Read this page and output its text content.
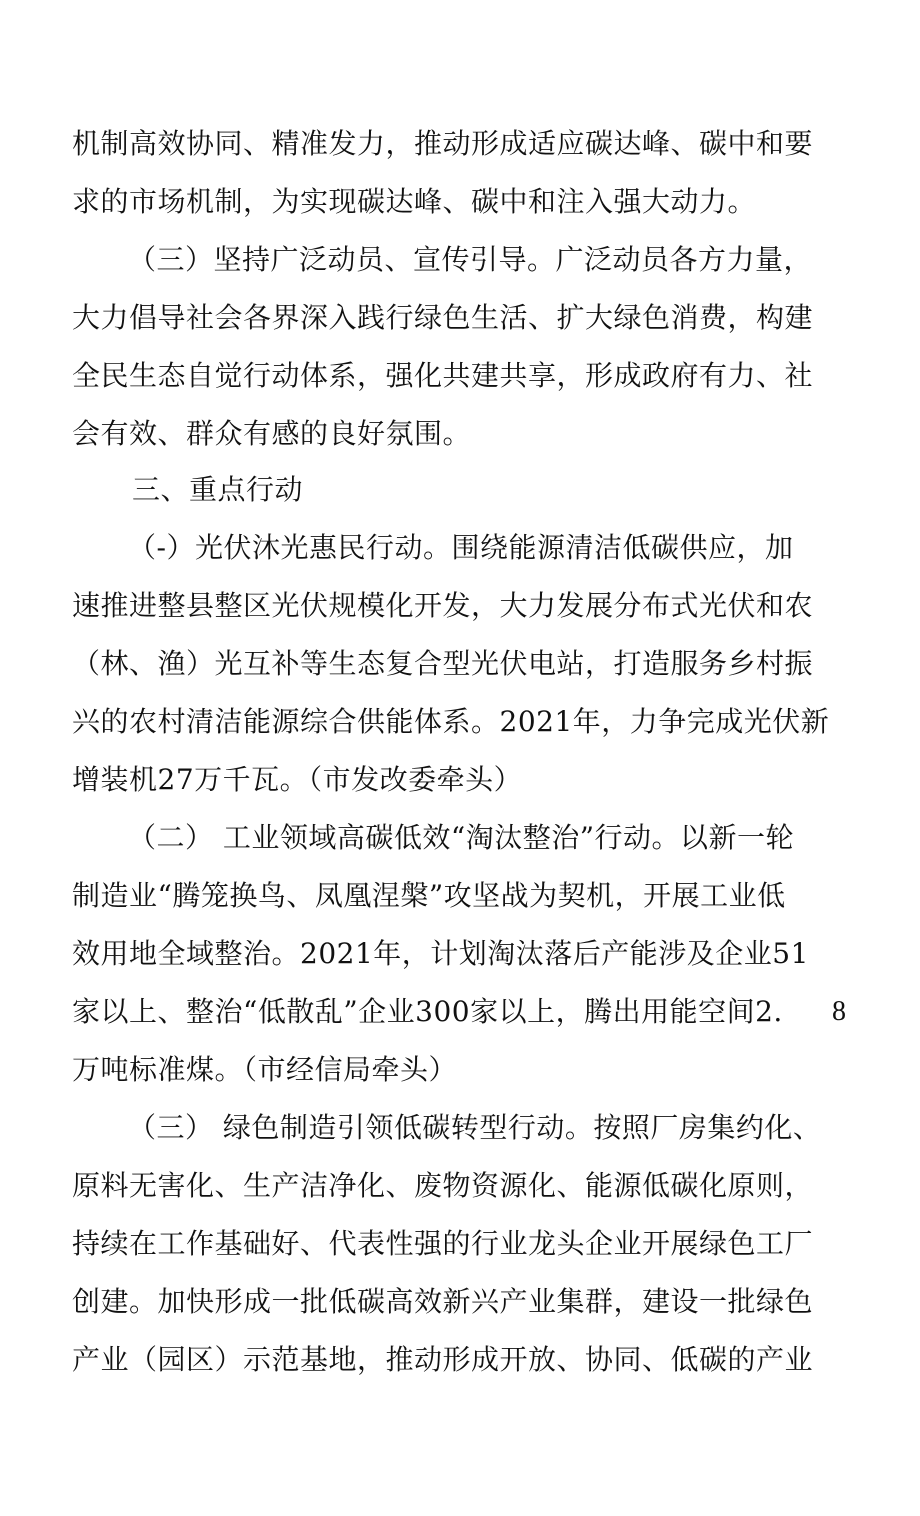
机制高效协同、精准发力，推动形成适应碳达峰、碳中和要
求的市场机制，为实现碳达峰、碳中和注入强大动力。
（三）坚持广泛动员、宣传引导。广泛动员各方力量，
大力倡导社会各界深入践行绿色生活、扩大绿色消费，构建
全民生态自觉行动体系，强化共建共享，形成政府有力、社
会有效、群众有感的良好氛围。
三、重点行动
（-）光伏沐光惠民行动。围绕能源清洁低碳供应，加
速推进整县整区光伏规模化开发，大力发展分布式光伏和农
（林、渔）光互补等生态复合型光伏电站，打造服务乡村振
兴的农村清洁能源综合供能体系。2021年，力争完成光伏新
增装机27万千瓦。（市发改委牵头）
（二） 工业领域高碳低效“淘汰整治”行动。以新一轮
制造业“腾笼换鸟、凤凰涅槃”攻坚战为契机，开展工业低
效用地全域整治。2021年，计划淘汰落后产能涉及企业51
家以上、整治“低散乱”企业300家以上，腾出用能空间2.
万吨标准煤。（市经信局牵头）
（三） 绿色制造引领低碳转型行动。按照厂房集约化、
原料无害化、生产洁净化、废物资源化、能源低碳化原则，
持续在工作基础好、代表性强的行业龙头企业开展绿色工厂
创建。加快形成一批低碳高效新兴产业集群，建设一批绿色
产业（园区）示范基地，推动形成开放、协同、低碳的产业
8
